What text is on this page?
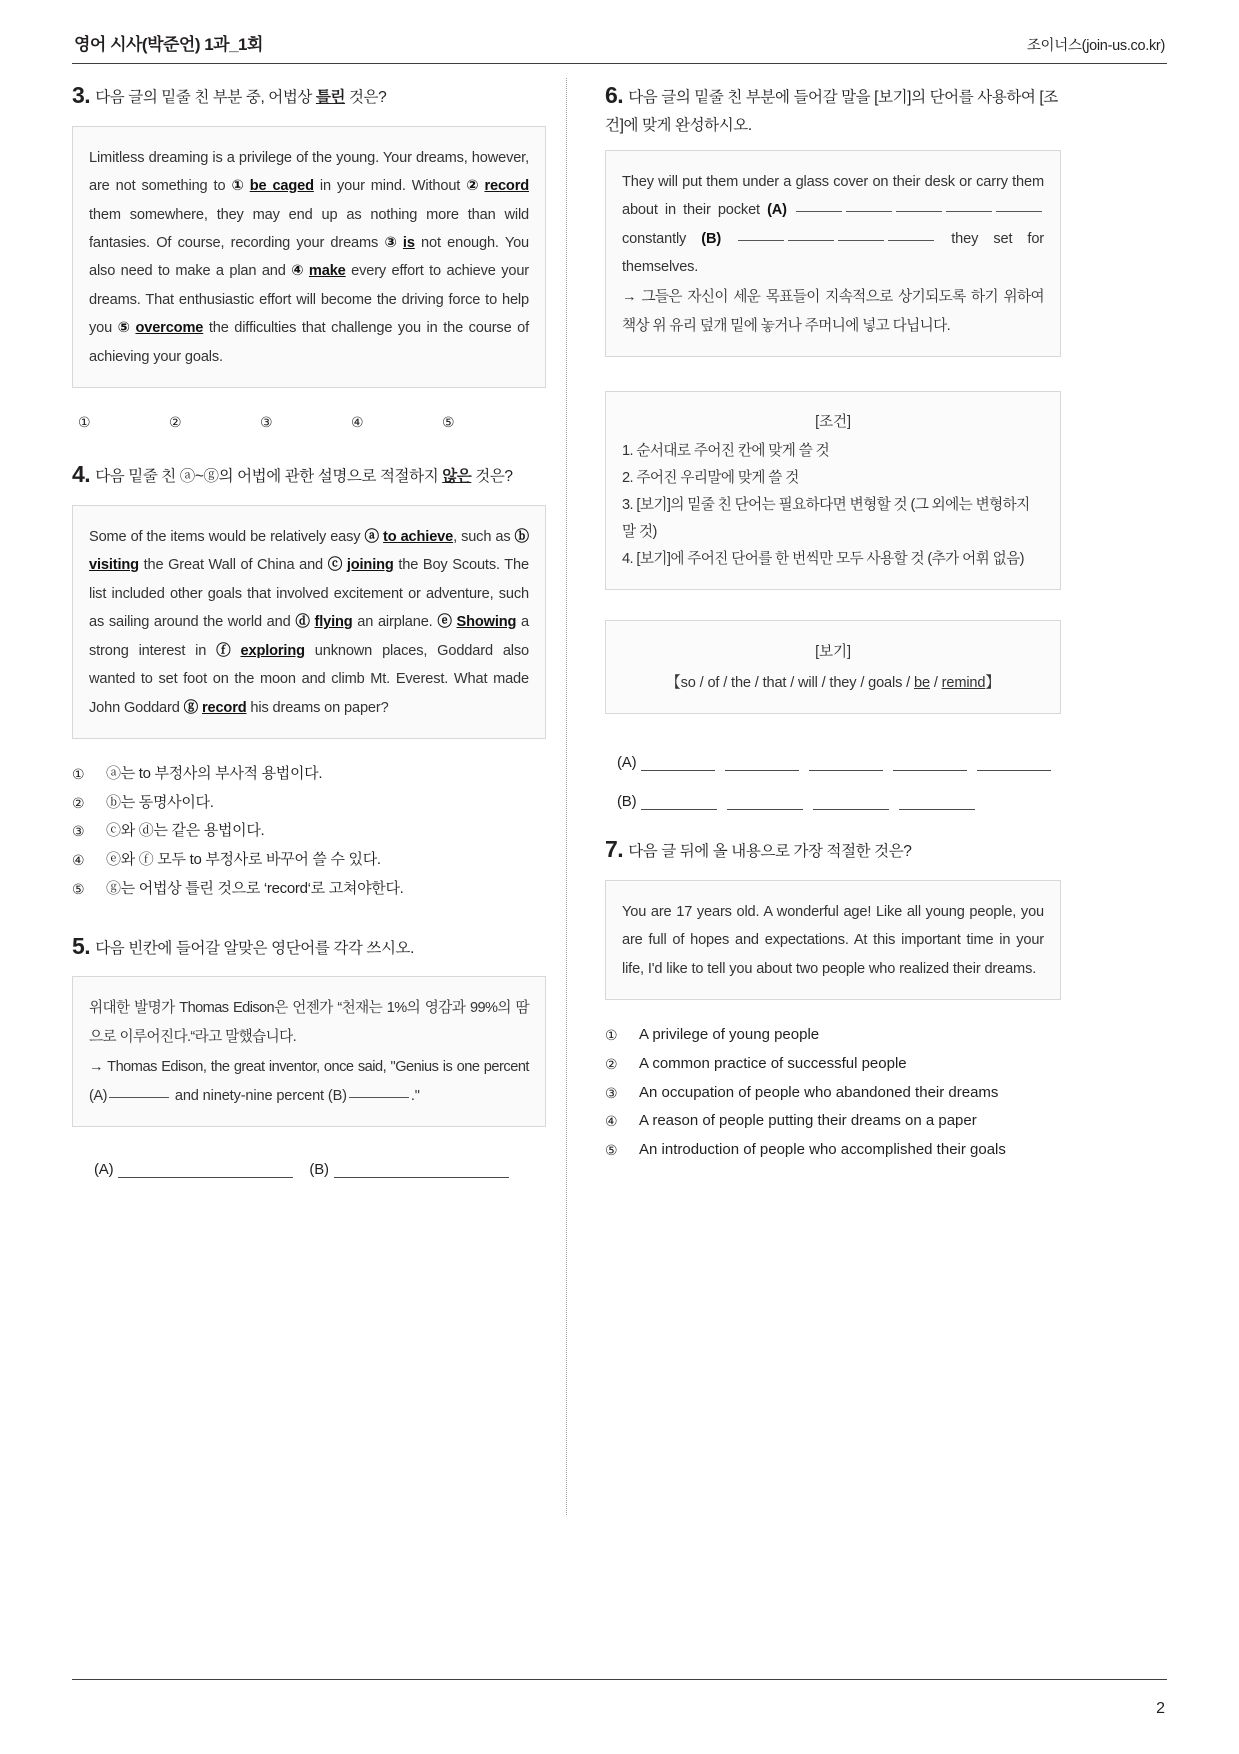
영어 시사(박준언) 1과_1회	조이너스(join-us.co.kr)
3. 다음 글의 밑줄 친 부분 중, 어법상 틀린 것은?

Limitless dreaming is a privilege of the young. Your dreams, however, are not something to ① be caged in your mind. Without ② record them somewhere, they may end up as nothing more than wild fantasies. Of course, recording your dreams ③ is not enough. You also need to make a plan and ④ make every effort to achieve your dreams. That enthusiastic effort will become the driving force to help you ⑤ overcome the difficulties that challenge you in the course of achieving your goals.

①	②	③	④	⑤
4. 다음 밑줄 친 ⓐ~ⓖ의 어법에 관한 설명으로 적절하지 않은 것은?

Some of the items would be relatively easy ⓐ to achieve, such as ⓑ visiting the Great Wall of China and ⓒ joining the Boy Scouts. The list included other goals that involved excitement or adventure, such as sailing around the world and ⓓ flying an airplane. ⓔ Showing a strong interest in ⓕ exploring unknown places, Goddard also wanted to set foot on the moon and climb Mt. Everest. What made John Goddard ⓖ record his dreams on paper?

①	ⓐ는 to 부정사의 부사적 용법이다.
②	ⓑ는 동명사이다.
③	ⓒ와 ⓓ는 같은 용법이다.
④	ⓔ와 ⓕ 모두 to 부정사로 바꾸어 쓸 수 있다.
⑤	ⓖ는 어법상 틀린 것으로 ‘record‘로 고쳐야한다.
5. 다음 빈칸에 들어갈 알맞은 영단어를 각각 쓰시오.

위대한 발명가 Thomas Edison은 언젠가 “천재는 1%의 영감과 99%의 땀으로 이루어진다.“라고 말했습니다.

→ Thomas Edison, the great inventor, once said, "Genius is one percent (A)	and ninety-nine percent (B)	."

(A)	(B)
6. 다음 글의 밑줄 친 부분에 들어갈 말을 [보기]의 단어를 사용하여 [조건]에 맞게 완성하시오.

They will put them under a glass cover on their desk or carry them about in their pocket (A)  constantly (B)	they set for themselves.

→ 그들은 자신이 세운 목표들이 지속적으로 상기되도록 하기 위하여 책상 위 유리 덮개 밑에 놓거나 주머니에 넣고 다닙니다.

[조건]

1. 순서대로 주어진 칸에 맞게 쓸 것

2. 주어진 우리말에 맞게 쓸 것

3. [보기]의 밑줄 친 단어는 필요하다면 변형할 것 (그 외에는 변형하지 말 것)

4. [보기]에 주어진 단어를 한 번씩만 모두 사용할 것 (추가 어휘 없음)

[보기]

【so / of / the / that / will / they / goals / be / remind】

(A)
(B)
7. 다음 글 뒤에 올 내용으로 가장 적절한 것은?

You are 17 years old. A wonderful age! Like all young people, you are full of hopes and expectations. At this important time in your life, I'd like to tell you about two people who realized their dreams.

①	A privilege of young people
②	A common practice of successful people
③	An occupation of people who abandoned their dreams
④	A reason of people putting their dreams on a paper
⑤	An introduction of people who accomplished their goals
2
